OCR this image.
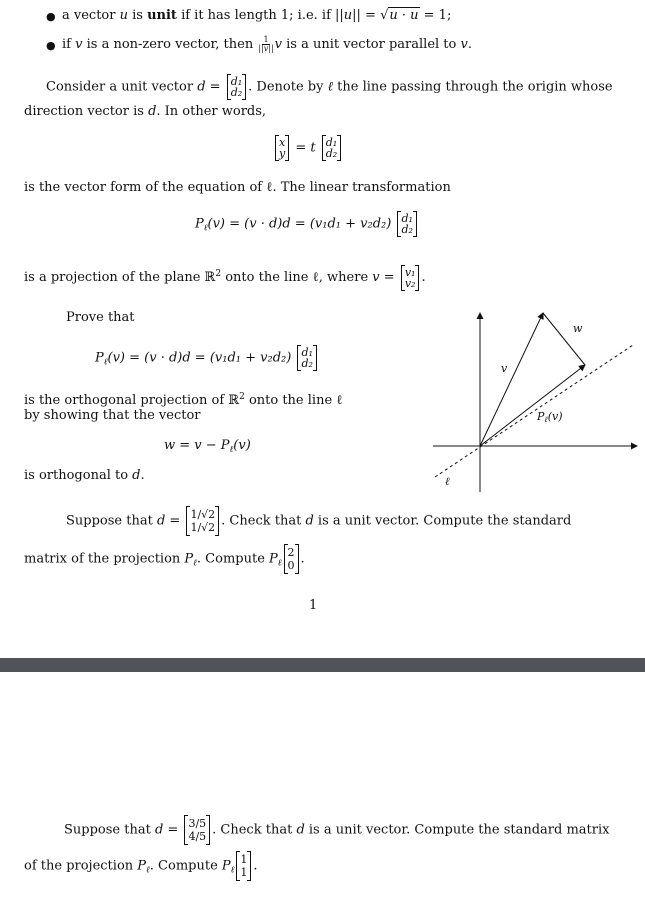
● a vector u is unit if it has length 1; i.e. if ||u|| = √u · u = 1;
● if v is a non-zero vector, then $\frac{1}{||v||}$ v is a unit vector parallel to v.
Consider a unit vector d = d₁
d₂ . Denote by ℓ the line passing through the origin whose
direction vector is d. In other words,
x
y = t d₁
d₂
is the vector form of the equation of ℓ. The linear transformation
$P_\ell(v) = (v \cdot d)d = (v_1d_1 + v_2d_2)$ d₁
d₂
is a projection of the plane ℝ$^2$ onto the line ℓ, where v = v₁
v₂ .
Prove that
$P_\ell(v) = (v \cdot d)d = (v_1d_1 + v_2d_2)$ d₁
d₂
is the orthogonal projection of ℝ$^2$ onto the line ℓ
by showing that the vector
$w = v - P_\ell(v)$
is orthogonal to d.
w
v
Pℓ(v)
ℓ
Suppose that d = 1/√2
1/√2 . Check that d is a unit vector. Compute the standard
matrix of the projection $P_\ell$. Compute $P_\ell$
2
0 .
1
Suppose that d = 3/5
4/5 . Check that d is a unit vector. Compute the standard matrix
of the projection $P_\ell$. Compute $P_\ell$
1
1 .
